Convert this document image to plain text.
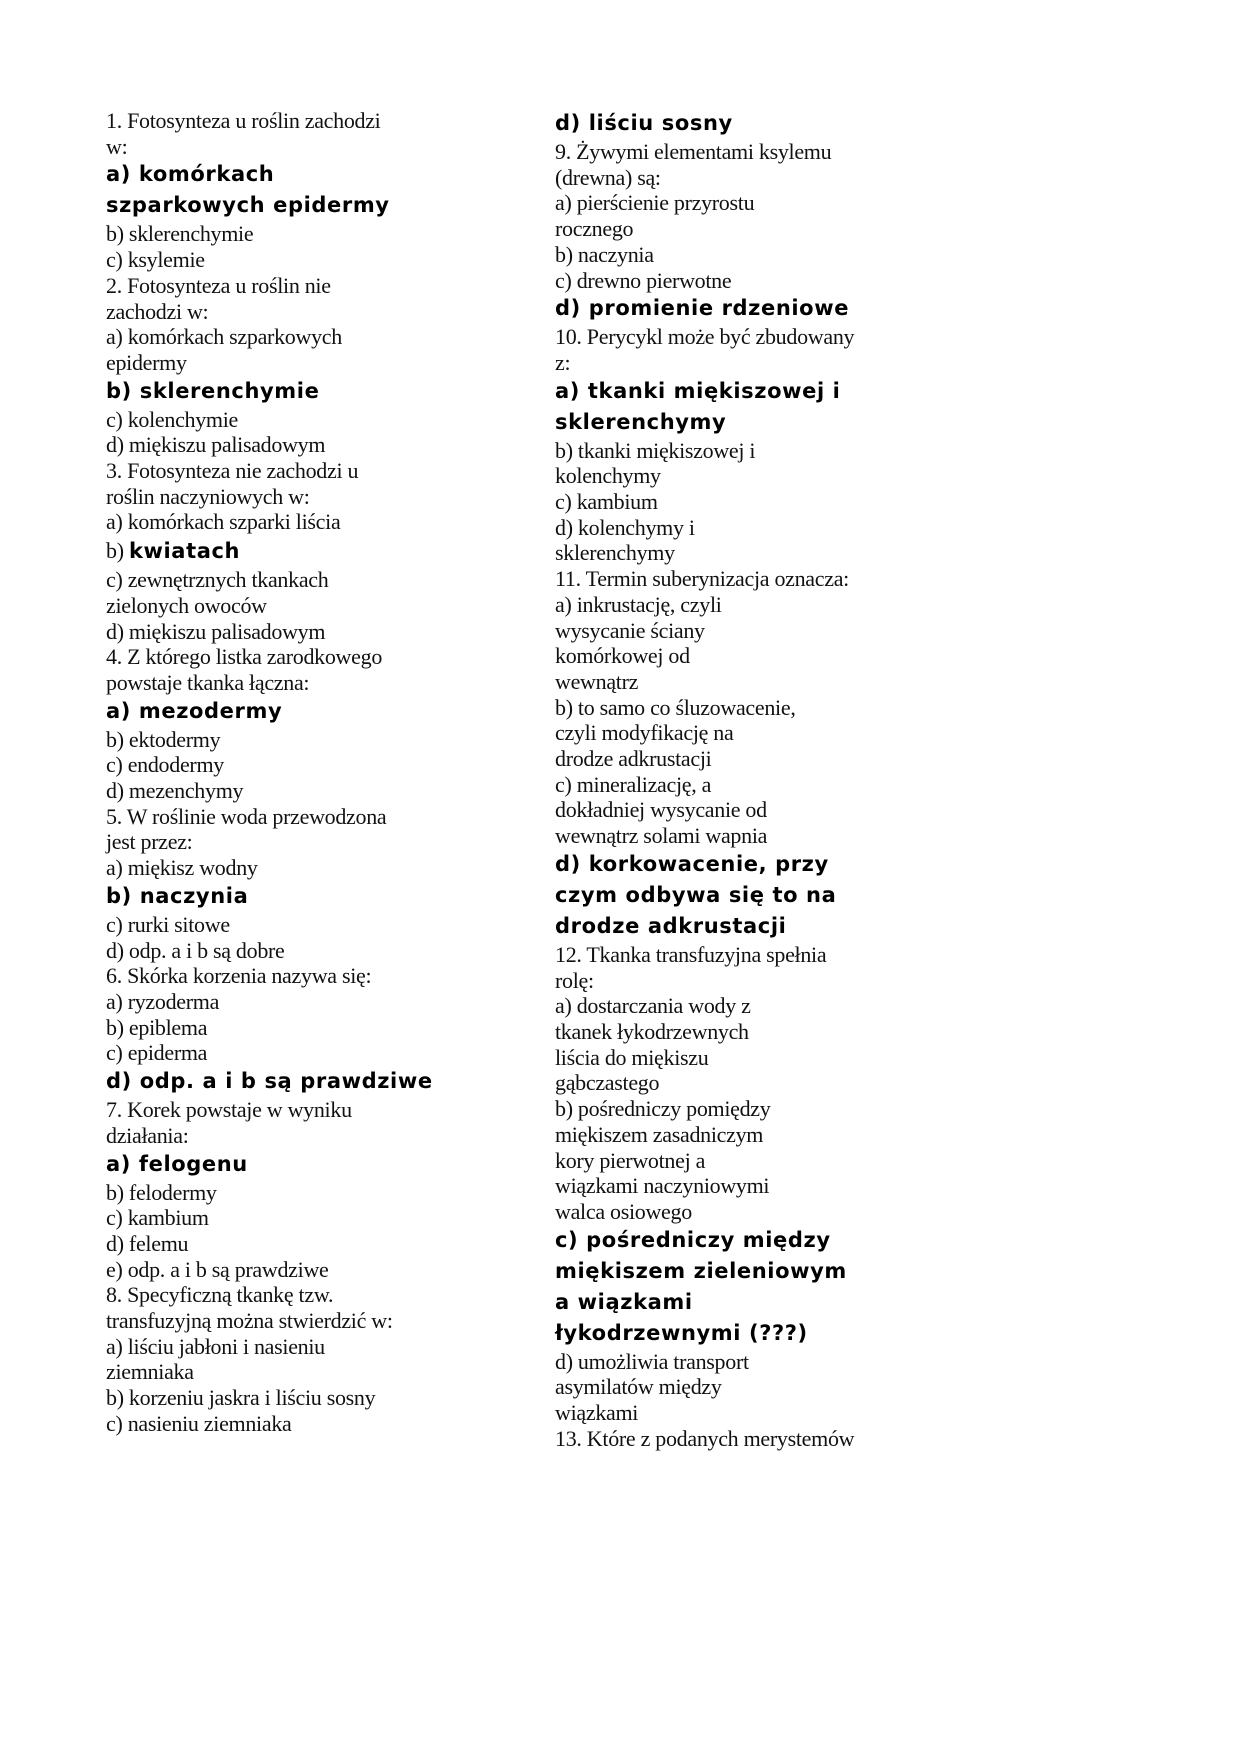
1. Fotosynteza u roślin zachodzi
w:
a) komórkach
szparkowych epidermy
b) sklerenchymie
c) ksylemie
2. Fotosynteza u roślin nie
zachodzi w:
a) komórkach szparkowych
epidermy
b) sklerenchymie
c) kolenchymie
d) miękiszu palisadowym
3. Fotosynteza nie zachodzi u
roślin naczyniowych w:
a) komórkach szparki liścia
b) kwiatach
c) zewnętrznych tkankach
zielonych owoców
d) miękiszu palisadowym
4. Z którego listka zarodkowego
powstaje tkanka łączna:
a) mezodermy
b) ektodermy
c) endodermy
d) mezenchymy
5. W roślinie woda przewodzona
jest przez:
a) miękisz wodny
b) naczynia
c) rurki sitowe
d) odp. a i b są dobre
6. Skórka korzenia nazywa się:
a) ryzoderma
b) epiblema
c) epiderma
d) odp. a i b są prawdziwe
7. Korek powstaje w wyniku
działania:
a) felogenu
b) felodermy
c) kambium
d) felemu
e) odp. a i b są prawdziwe
8. Specyficzną tkankę tzw.
transfuzyjną można stwierdzić w:
a) liściu jabłoni i nasieniu
ziemniaka
b) korzeniu jaskra i liściu sosny
c) nasieniu ziemniaka
d) liściu sosny
9. Żywymi elementami ksylemu
(drewna) są:
a) pierścienie przyrostu
rocznego
b) naczynia
c) drewno pierwotne
d) promienie rdzeniowe
10. Perycykl może być zbudowany
z:
a) tkanki miękiszowej i
sklerenchymy
b) tkanki miękiszowej i
kolenchymy
c) kambium
d) kolenchymy i
sklerenchymy
11. Termin suberynizacja oznacza:
a) inkrustację, czyli
wysycanie ściany
komórkowej od
wewnątrz
b) to samo co śluzowacenie,
czyli modyfikację na
drodze adkrustacji
c) mineralizację, a
dokładniej wysycanie od
wewnątrz solami wapnia
d) korkowacenie, przy
czym odbywa się to na
drodze adkrustacji
12. Tkanka transfuzyjna spełnia
rolę:
a) dostarczania wody z
tkanek łykodrzewnych
liścia do miękiszu
gąbczastego
b) pośredniczy pomiędzy
miękiszem zasadniczym
kory pierwotnej a
wiązkami naczyniowymi
walca osiowego
c) pośredniczy między
miękiszem zieleniowym
a wiązkami
łykodrzewnymi (???)
d) umożliwia transport
asymilatów między
wiązkami
13. Które z podanych merystemów
